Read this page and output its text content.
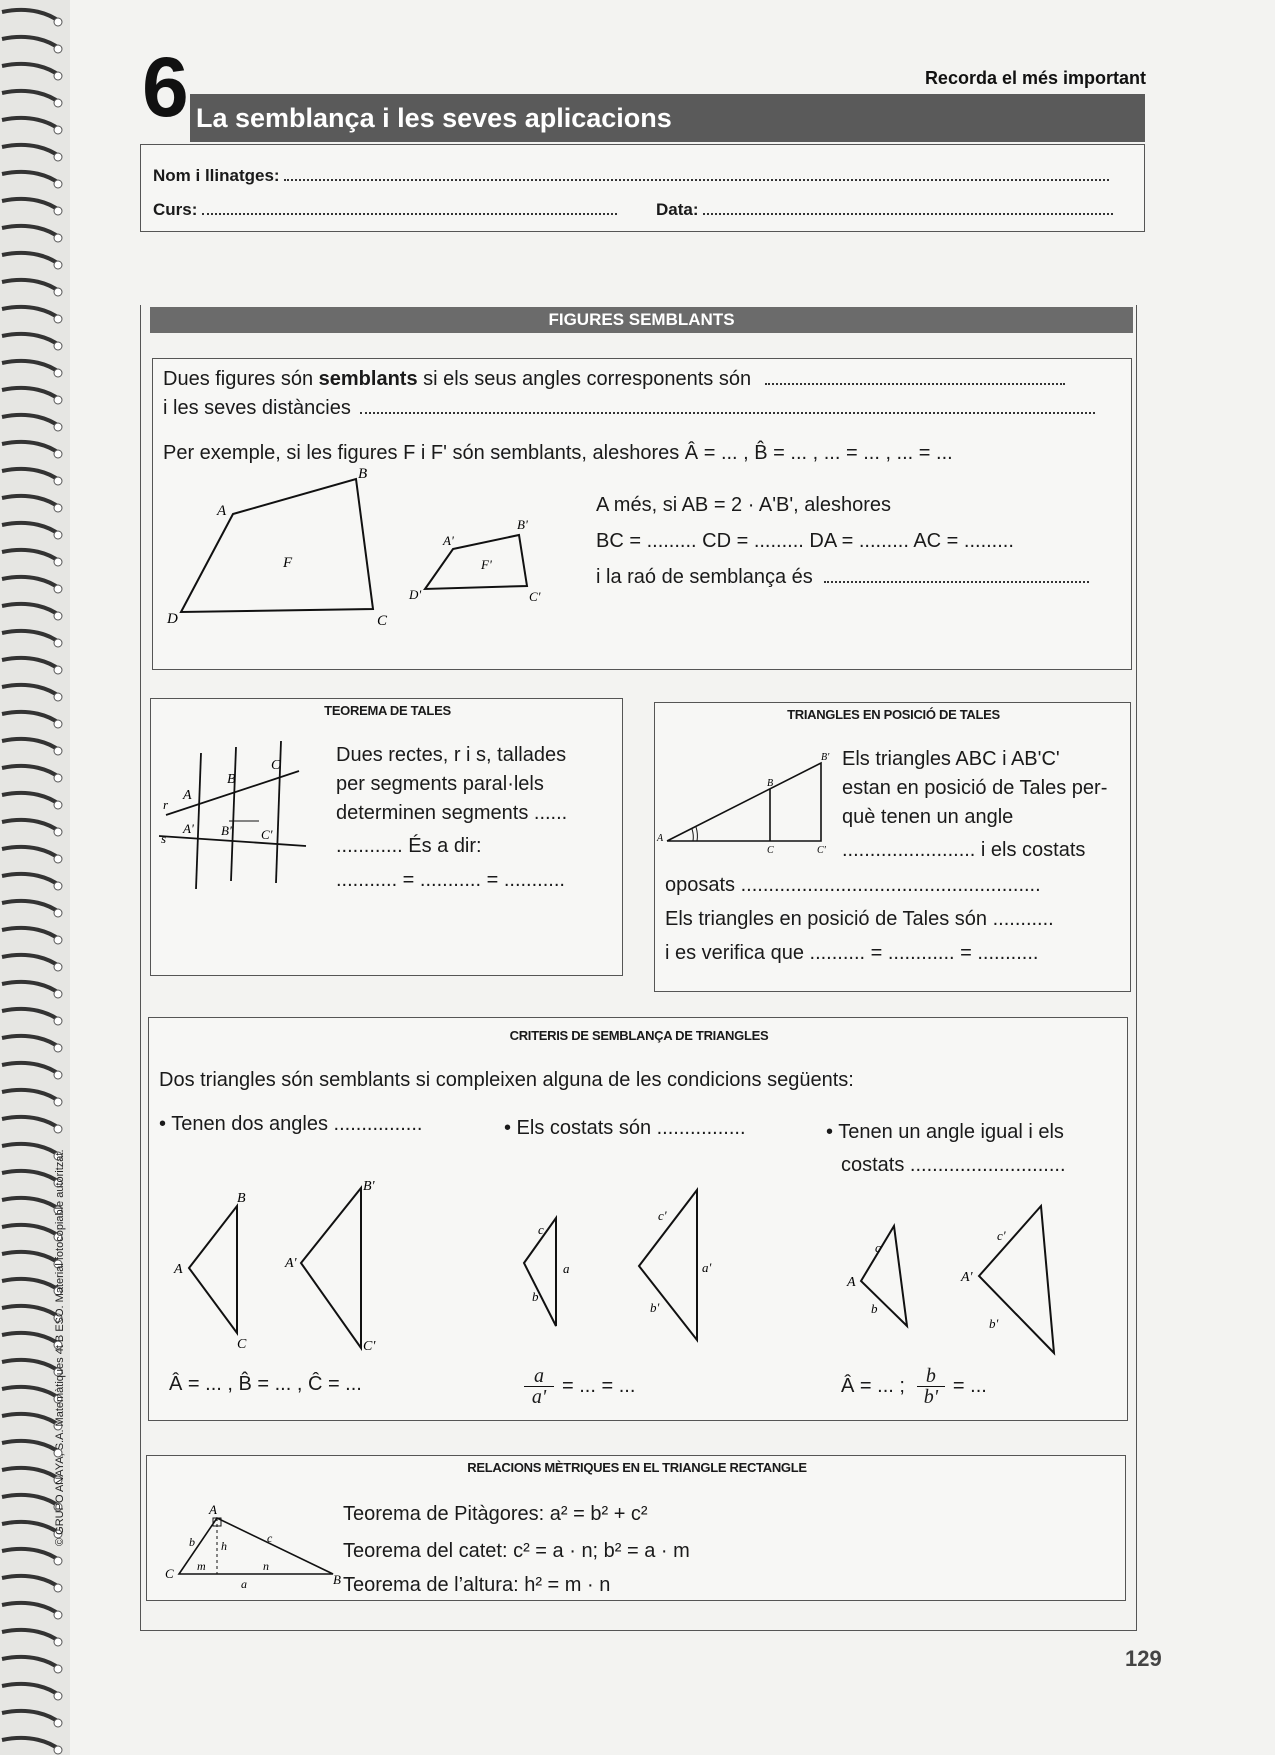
6 La semblança i les seves aplicacions
Recorda el més important
Nom i llinatges:
Curs:	Data:
FIGURES SEMBLANTS
Dues figures són semblants si els seus angles corresponents són
i les seves distàncies
Per exemple, si les figures F i F' són semblants, aleshores Â = ... , B̂ = ... , ... = ... , ... = ...
A més, si AB = 2 · A'B', aleshores
BC = ......... CD = ......... DA = ......... AC = .........
i la raó de semblança és
A
B
C
D
F
A'
B'
C'
D'
F'
TEOREMA DE TALES
A
B
C
A' B' C'
r
s
Dues rectes, r i s, tallades
per segments paral·lels
determinen segments ......
............ És a dir:
........... = ........... = ...........
TRIANGLES EN POSICIÓ DE TALES
A
B
C
B'
C'
Els triangles ABC i AB'C'
estan en posició de Tales per-
què tenen un angle
........................ i els costats
oposats ......................................................
Els triangles en posició de Tales són ...........
i es verifica que .......... = ............ = ...........
CRITERIS DE SEMBLANÇA DE TRIANGLES
Dos triangles són semblants si compleixen alguna de les condicions següents:
• Tenen dos angles ................	• Els costats són ................	• Tenen un angle igual i els
costats ............................
A
B
C
A'
B'
C'
c
a
b
c'
a'
b'
A
c
b
A'
c'
b'
Â = ... , B̂ = ... , Ĉ = ...	a
a' = ... = ...	Â = ... ; b
b' = ...
RELACIONS MÈTRIQUES EN EL TRIANGLE RECTANGLE
A
B
C
b	c
h
m	n
a
Teorema de Pitàgores: a² = b² + c²
Teorema del catet: c² = a · n; b² = a · m
Teorema de l’altura: h² = m · n
129
© GRUPO ANAYA, S.A. Matemàtiques 4t B ESO. Material fotocopiable autoritzat.
